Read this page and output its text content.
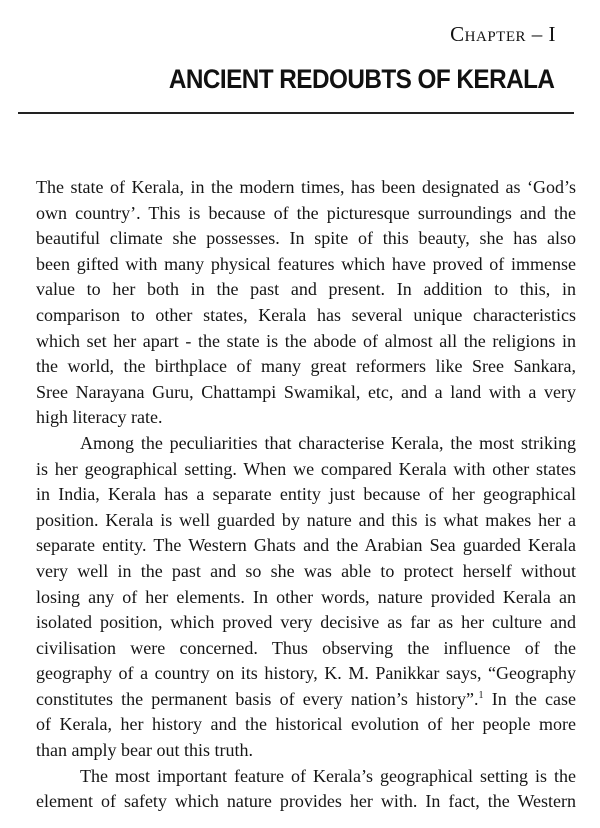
Chapter – I
ANCIENT REDOUBTS OF KERALA
The state of Kerala, in the modern times, has been designated as ‘God’s
own country’. This is because of the picturesque surroundings and the
beautiful climate she possesses. In spite of this beauty, she has also
been gifted with many physical features which have proved of immense
value to her both in the past and present. In addition to this, in
comparison to other states, Kerala has several unique characteristics
which set her apart - the state is the abode of almost all the religions in
the world, the birthplace of many great reformers like Sree Sankara,
Sree Narayana Guru, Chattampi Swamikal, etc, and a land with a very
high literacy rate.
Among the peculiarities that characterise Kerala, the most striking
is her geographical setting. When we compared Kerala with other states
in India, Kerala has a separate entity just because of her geographical
position. Kerala is well guarded by nature and this is what makes her a
separate entity. The Western Ghats and the Arabian Sea guarded Kerala
very well in the past and so she was able to protect herself without
losing any of her elements. In other words, nature provided Kerala an
isolated position, which proved very decisive as far as her culture and
civilisation were concerned. Thus observing the influence of the
geography of a country on its history, K. M. Panikkar says, “Geography
constitutes the permanent basis of every nation’s history”.$^1$ In the case
of Kerala, her history and the historical evolution of her people more
than amply bear out this truth.
The most important feature of Kerala’s geographical setting is the
element of safety which nature provides her with. In fact, the Western
